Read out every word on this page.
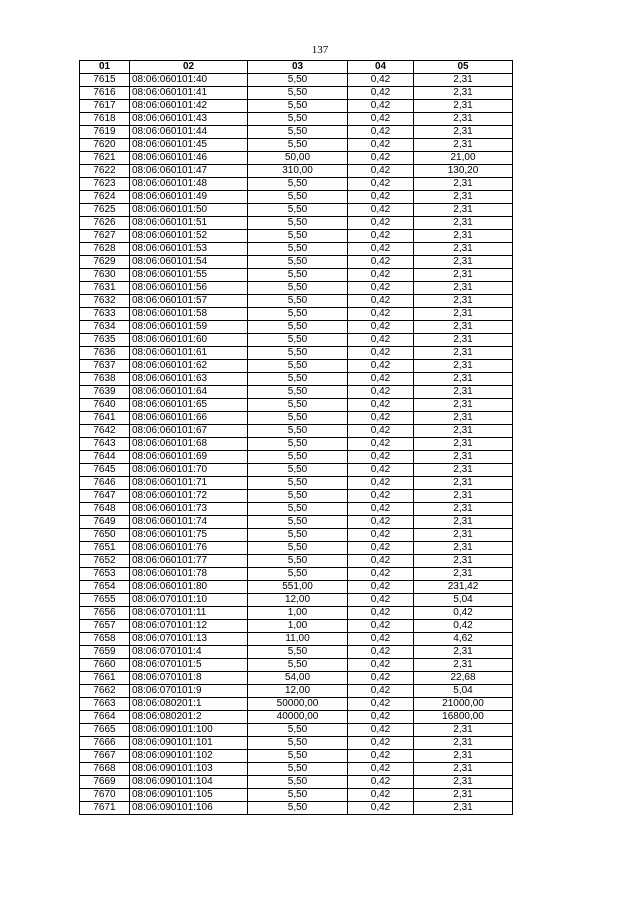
137
01	02	03	04	05
7615	08:06:060101:40	5,50	0,42	2,31
7616	08:06:060101:41	5,50	0,42	2,31
7617	08:06:060101:42	5,50	0,42	2,31
7618	08:06:060101:43	5,50	0,42	2,31
7619	08:06:060101:44	5,50	0,42	2,31
7620	08:06:060101:45	5,50	0,42	2,31
7621	08:06:060101:46	50,00	0,42	21,00
7622	08:06:060101:47	310,00	0,42	130,20
7623	08:06:060101:48	5,50	0,42	2,31
7624	08:06:060101:49	5,50	0,42	2,31
7625	08:06:060101:50	5,50	0,42	2,31
7626	08:06:060101:51	5,50	0,42	2,31
7627	08:06:060101:52	5,50	0,42	2,31
7628	08:06:060101:53	5,50	0,42	2,31
7629	08:06:060101:54	5,50	0,42	2,31
7630	08:06:060101:55	5,50	0,42	2,31
7631	08:06:060101:56	5,50	0,42	2,31
7632	08:06:060101:57	5,50	0,42	2,31
7633	08:06:060101:58	5,50	0,42	2,31
7634	08:06:060101:59	5,50	0,42	2,31
7635	08:06:060101:60	5,50	0,42	2,31
7636	08:06:060101:61	5,50	0,42	2,31
7637	08:06:060101:62	5,50	0,42	2,31
7638	08:06:060101:63	5,50	0,42	2,31
7639	08:06:060101:64	5,50	0,42	2,31
7640	08:06:060101:65	5,50	0,42	2,31
7641	08:06:060101:66	5,50	0,42	2,31
7642	08:06:060101:67	5,50	0,42	2,31
7643	08:06:060101:68	5,50	0,42	2,31
7644	08:06:060101:69	5,50	0,42	2,31
7645	08:06:060101:70	5,50	0,42	2,31
7646	08:06:060101:71	5,50	0,42	2,31
7647	08:06:060101:72	5,50	0,42	2,31
7648	08:06:060101:73	5,50	0,42	2,31
7649	08:06:060101:74	5,50	0,42	2,31
7650	08:06:060101:75	5,50	0,42	2,31
7651	08:06:060101:76	5,50	0,42	2,31
7652	08:06:060101:77	5,50	0,42	2,31
7653	08:06:060101:78	5,50	0,42	2,31
7654	08:06:060101:80	551,00	0,42	231,42
7655	08:06:070101:10	12,00	0,42	5,04
7656	08:06:070101:11	1,00	0,42	0,42
7657	08:06:070101:12	1,00	0,42	0,42
7658	08:06:070101:13	11,00	0,42	4,62
7659	08:06:070101:4	5,50	0,42	2,31
7660	08:06:070101:5	5,50	0,42	2,31
7661	08:06:070101:8	54,00	0,42	22,68
7662	08:06:070101:9	12,00	0,42	5,04
7663	08:06:080201:1	50000,00	0,42	21000,00
7664	08:06:080201:2	40000,00	0,42	16800,00
7665	08:06:090101:100	5,50	0,42	2,31
7666	08:06:090101:101	5,50	0,42	2,31
7667	08:06:090101:102	5,50	0,42	2,31
7668	08:06:090101:103	5,50	0,42	2,31
7669	08:06:090101:104	5,50	0,42	2,31
7670	08:06:090101:105	5,50	0,42	2,31
7671	08:06:090101:106	5,50	0,42	2,31
